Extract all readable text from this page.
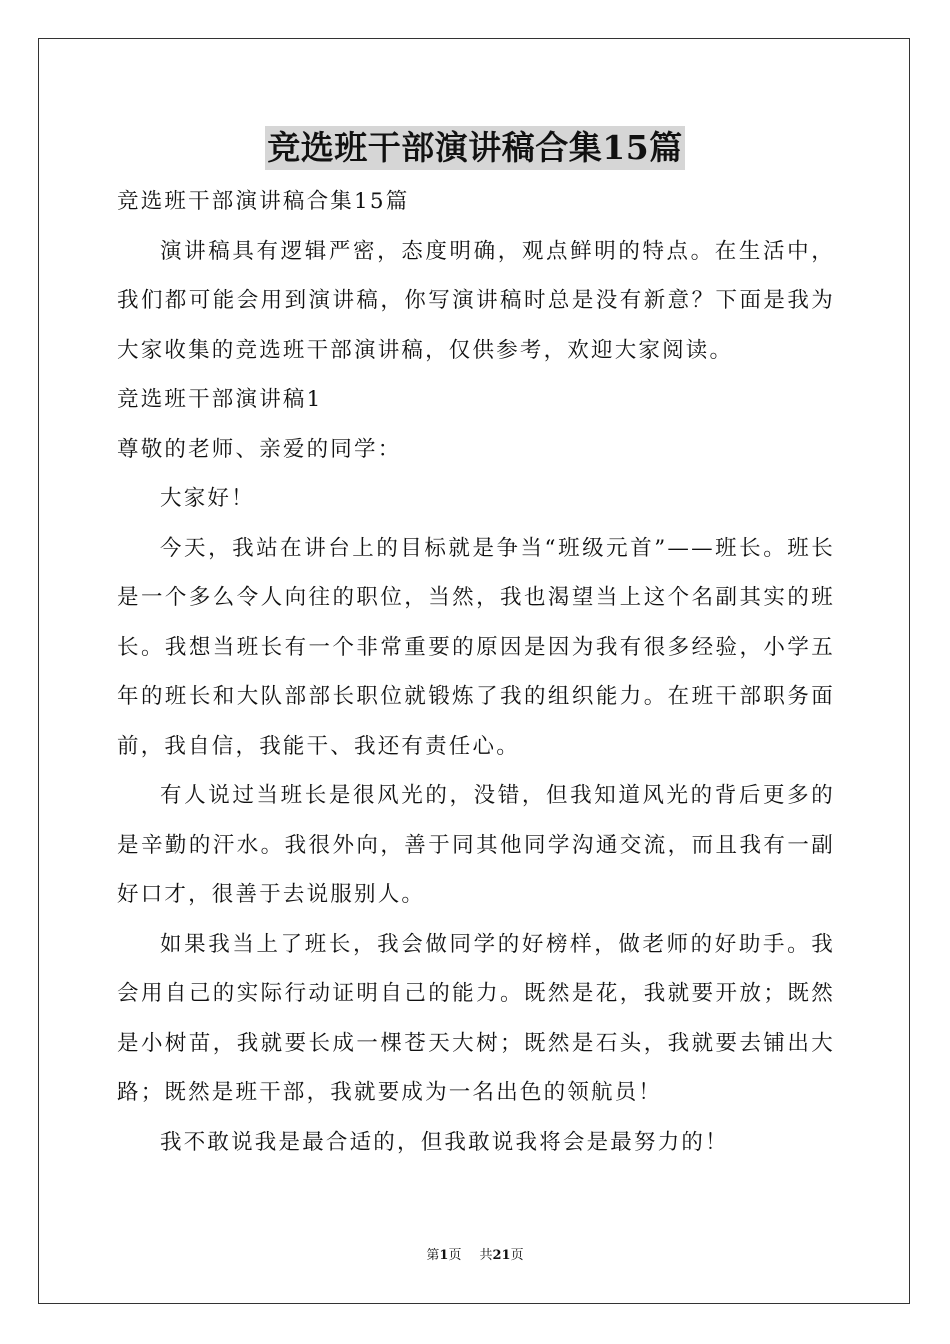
竞选班干部演讲稿合集15篇

竞选班干部演讲稿合集15篇

演讲稿具有逻辑严密，态度明确，观点鲜明的特点。在生活中，我们都可能会用到演讲稿，你写演讲稿时总是没有新意？下面是我为大家收集的竞选班干部演讲稿，仅供参考，欢迎大家阅读。

竞选班干部演讲稿1

尊敬的老师、亲爱的同学：

大家好！

今天，我站在讲台上的目标就是争当“班级元首”——班长。班长是一个多么令人向往的职位，当然，我也渴望当上这个名副其实的班长。我想当班长有一个非常重要的原因是因为我有很多经验，小学五年的班长和大队部部长职位就锻炼了我的组织能力。在班干部职务面前，我自信，我能干、我还有责任心。

有人说过当班长是很风光的，没错，但我知道风光的背后更多的是辛勤的汗水。我很外向，善于同其他同学沟通交流，而且我有一副好口才，很善于去说服别人。

如果我当上了班长，我会做同学的好榜样，做老师的好助手。我会用自己的实际行动证明自己的能力。既然是花，我就要开放；既然是小树苗，我就要长成一棵苍天大树；既然是石头，我就要去铺出大路；既然是班干部，我就要成为一名出色的领航员！

我不敢说我是最合适的，但我敢说我将会是最努力的！

第1页 共21页
